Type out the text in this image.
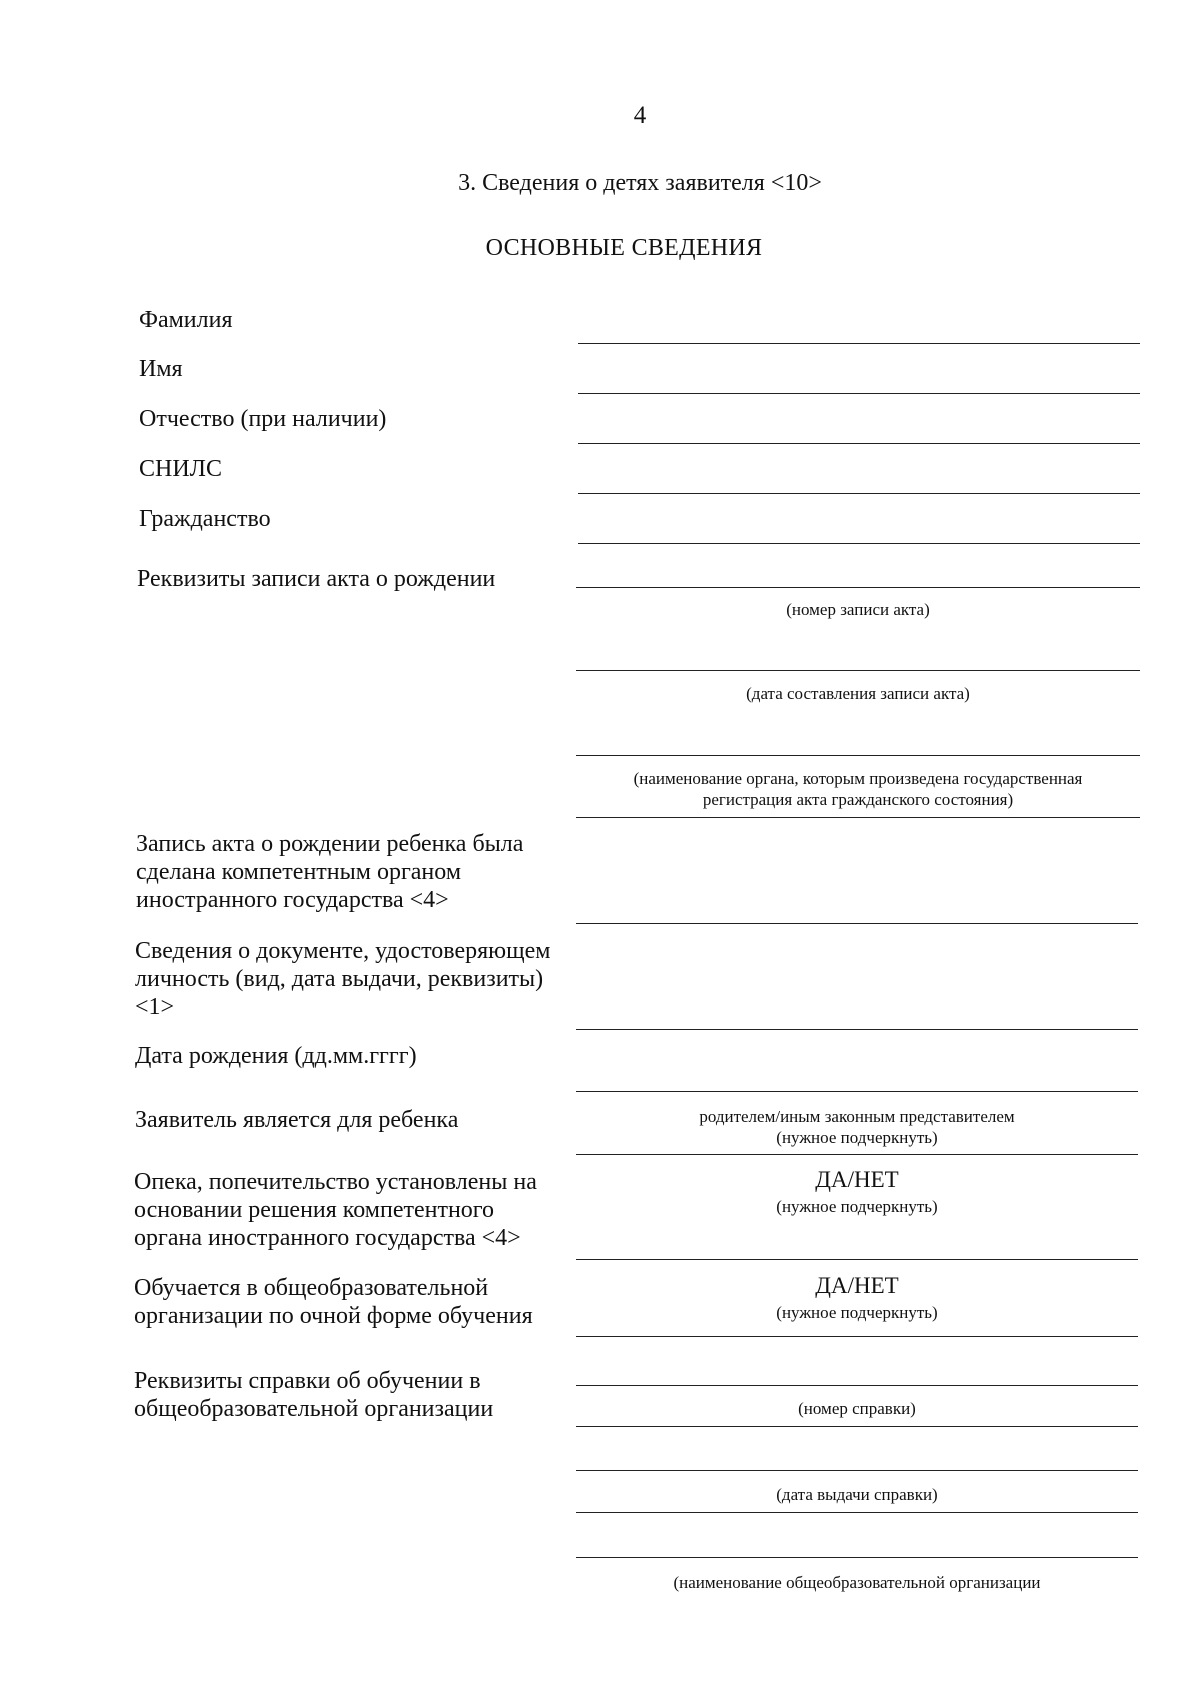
4
3. Сведения о детях заявителя <10>
ОСНОВНЫЕ СВЕДЕНИЯ
Фамилия
Имя
Отчество (при наличии)
СНИЛС
Гражданство
Реквизиты записи акта о рождении
(номер записи акта)
(дата составления записи акта)
(наименование органа, которым произведена государственная
регистрация акта гражданского состояния)
Запись акта о рождении ребенка была сделана компетентным органом иностранного государства <4>
Сведения о документе, удостоверяющем личность (вид, дата выдачи, реквизиты) <1>
Дата рождения (дд.мм.гггг)
Заявитель является для ребенка	родителем/иным законным представителем
(нужное подчеркнуть)
Опека, попечительство установлены на основании решения компетентного органа иностранного государства <4>
ДА/НЕТ
(нужное подчеркнуть)
Обучается в общеобразовательной организации по очной форме обучения
ДА/НЕТ
(нужное подчеркнуть)
Реквизиты справки об обучении в общеобразовательной организации	(номер справки)
(дата выдачи справки)
(наименование общеобразовательной организации
